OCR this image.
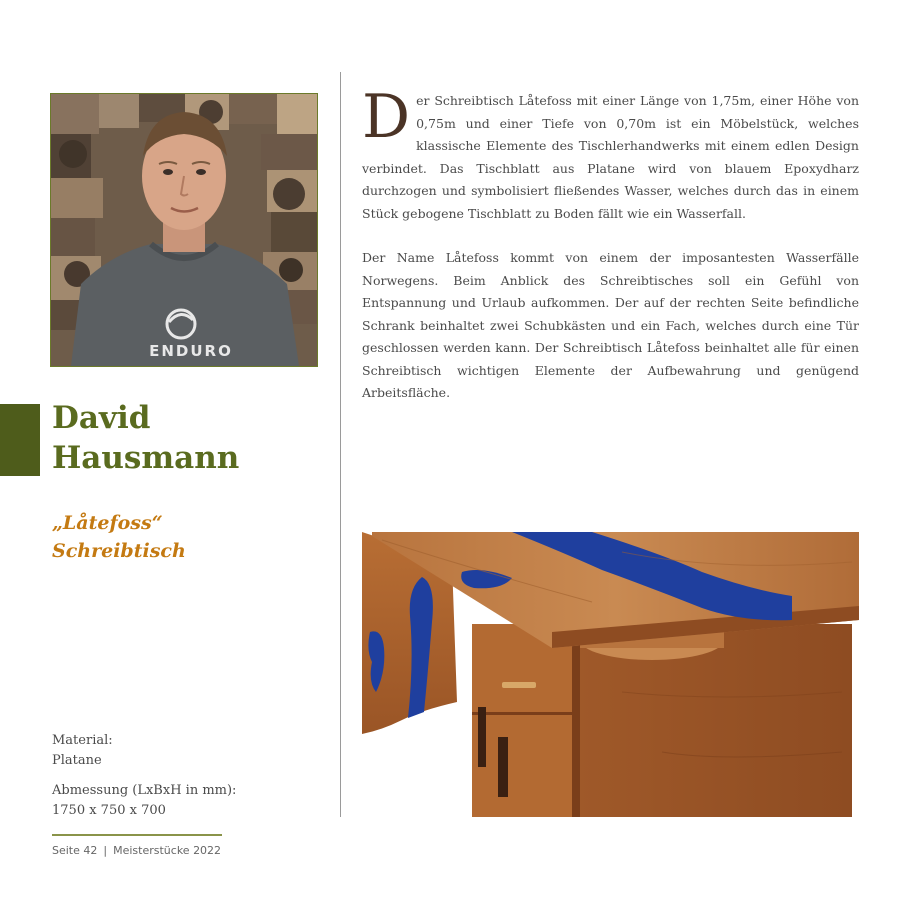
ENDURO
David
Hausmann
„Låtefoss“
Schreibtisch
Material:
Platane
Abmessung (LxBxH in mm):
1750 x 750 x 700
Seite 42 | Meisterstücke 2022

Der Schreibtisch Låtefoss mit einer Länge von 1,75m, einer Höhe von 0,75m und einer Tiefe von 0,70m ist ein Möbelstück, welches klassische Elemente des Tischlerhandwerks mit einem edlen Design verbindet. Das Tischblatt aus Platane wird von blauem Epoxydharz durchzogen und symbolisiert fließendes Wasser, welches durch das in einem Stück gebogene Tischblatt zu Boden fällt wie ein Wasserfall.

Der Name Låtefoss kommt von einem der imposantesten Wasserfälle Norwegens. Beim Anblick des Schreibtisches soll ein Gefühl von Entspannung und Urlaub aufkommen. Der auf der rechten Seite befindliche Schrank beinhaltet zwei Schubkästen und ein Fach, welches durch eine Tür geschlossen werden kann. Der Schreibtisch Låtefoss beinhaltet alle für einen Schreibtisch wichtigen Elemente der Aufbewahrung und genügend Arbeitsfläche.
